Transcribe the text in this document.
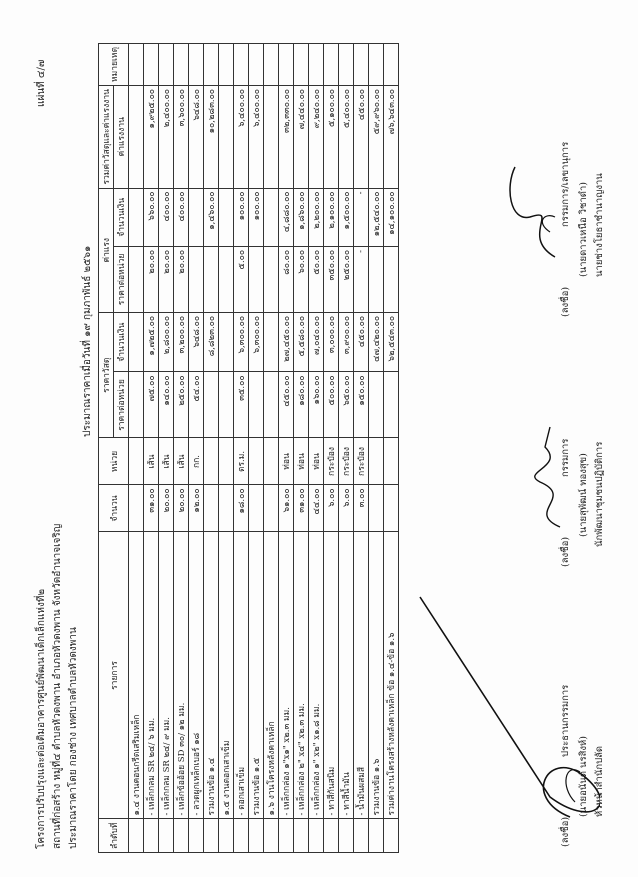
โครงการปรับปรุงและต่อเติมอาคารศูนย์พัฒนาเด็กเล็กแห่งที่๒ สถานที่ก่อสร้าง หมู่ที่๔ ตำบลหัวดงพาน อำเภอหัวดงพาน จังหวัดอำนาจเจริญ ประมาณราคาโดย กองช่าง เทศบาลตำบลหัวดงพาน
แผ่นที่ ๔/๗
ประมาณราคาเมื่อวันที่ ๑๙ กุมภาพันธ์ ๒๕๖๑
ลำดับที่	รายการ	จำนวน	หน่วย	ราคาวัสดุ		ค่าแรง		รวมค่าวัสดุและค่าแรงงาน	หมายเหตุ
				ราคาต่อหน่วย	จำนวนเงิน	ราคาต่อหน่วย	จำนวนเงิน	ค่าแรงงาน	
	๑.๔ งานคอนกรีตเสริมเหล็ก								
	- เหล็กกลม SR ๒๔/ ๖ มม.	๓๑.๐๐	เส้น	๗๕.๐๐	๑,๗๒๕.๐๐	๒๐.๐๐	๖๖๐.๐๐	๑,๙๒๕.๐๐	
	- เหล็กกลม SR ๒๔/ ๙ มม.	๒๐.๐๐	เส้น	๑๔๐.๐๐	๒,๘๐๐.๐๐	๒๐.๐๐	๔๐๐.๐๐	๒,๔๐๐.๐๐	
	- เหล็กข้ออ้อย SD ๓๐/ ๑๒ มม.	๒๐.๐๐	เส้น	๒๕๐.๐๐	๓,๒๐๐.๐๐	๒๐.๐๐	๔๐๐.๐๐	๓,๖๐๐.๐๐	
	- ลวดผูกเหล็กเบอร์ ๑๘	๑๒.๐๐	กก.	๕๔.๐๐	๖๔๘.๐๐			๖๔๘.๐๐	
	รวมงานข้อ ๑.๔				๘,๘๒๓.๐๐		๑,๔๖๐.๐๐	๑๐,๒๘๓.๐๐	
	๑.๕ งานตอกเสาเข็ม								
	- ตอกเสาเข็ม	๑๘.๐๐	ตร.ม.	๓๕.๐๐	๖,๓๐๐.๐๐	๕.๐๐	๑๐๐.๐๐	๖,๔๐๐.๐๐	
	รวมงานข้อ ๑.๕				๖,๓๐๐.๐๐		๑๐๐.๐๐	๖,๔๐๐.๐๐	
	๑.๖ งานโครงหลังคาเหล็ก								
	- เหล็กกล่อง ๑"x๑" x๒.๓ มม.	๖๑.๐๐	ท่อน	๔๕๐.๐๐	๒๗,๔๕๐.๐๐	๘๐.๐๐	๔,๘๘๐.๐๐	๓๒,๓๓๐.๐๐	
	- เหล็กกล่อง ๒" x๔" x๒.๓ มม.	๓๑.๐๐	ท่อน	๑๘๐.๐๐	๕,๕๘๐.๐๐	๖๐.๐๐	๑,๘๖๐.๐๐	๗,๔๔๐.๐๐	
	- เหล็กกล่อง ๑" x๒" x๑.๘ มม.	๔๔.๐๐	ท่อน	๑๖๐.๐๐	๗,๐๔๐.๐๐	๕๐.๐๐	๒,๒๐๐.๐๐	๙,๒๔๐.๐๐	
	- ทาสีกันสนิม	๖.๐๐	กระป๋อง	๕๐๐.๐๐	๓,๐๐๐.๐๐	๓๕๐.๐๐	๒,๑๐๐.๐๐	๕,๑๐๐.๐๐	
	- ทาสีน้ำมัน	๖.๐๐	กระป๋อง	๖๕๐.๐๐	๓,๙๐๐.๐๐	๒๕๐.๐๐	๑,๕๐๐.๐๐	๕,๔๐๐.๐๐	
	- น้ำมันผสมสี	๓.๐๐	กระป๋อง	๑๕๐.๐๐	๔๕๐.๐๐	-	-	๔๕๐.๐๐	
	รวมงานข้อ ๑.๖				๔๗,๔๒๐.๐๐		๑๒,๕๔๐.๐๐	๕๙,๙๖๐.๐๐	
	รวมค่างานโครงสร้างหลังคาเหล็ก ข้อ ๑.๔-ข้อ ๑.๖				๖๒,๕๔๓.๐๐		๑๔,๑๐๐.๐๐	๗๖,๖๔๓.๐๐	
(ลงชื่อ)
ประธานกรรมการ
(นายอนันต์ นรสิงห์) หัวหน้าสำนักปลัด
(ลงชื่อ)
กรรมการ (นายสุพัฒน์ ทองสุข) นักพัฒนาชุมชนปฏิบัติการ
(ลงชื่อ)
กรรมการ/เลขานุการ (นายดาวเหนือ วิชาดำ) นายช่างโยธาชำนาญงาน
